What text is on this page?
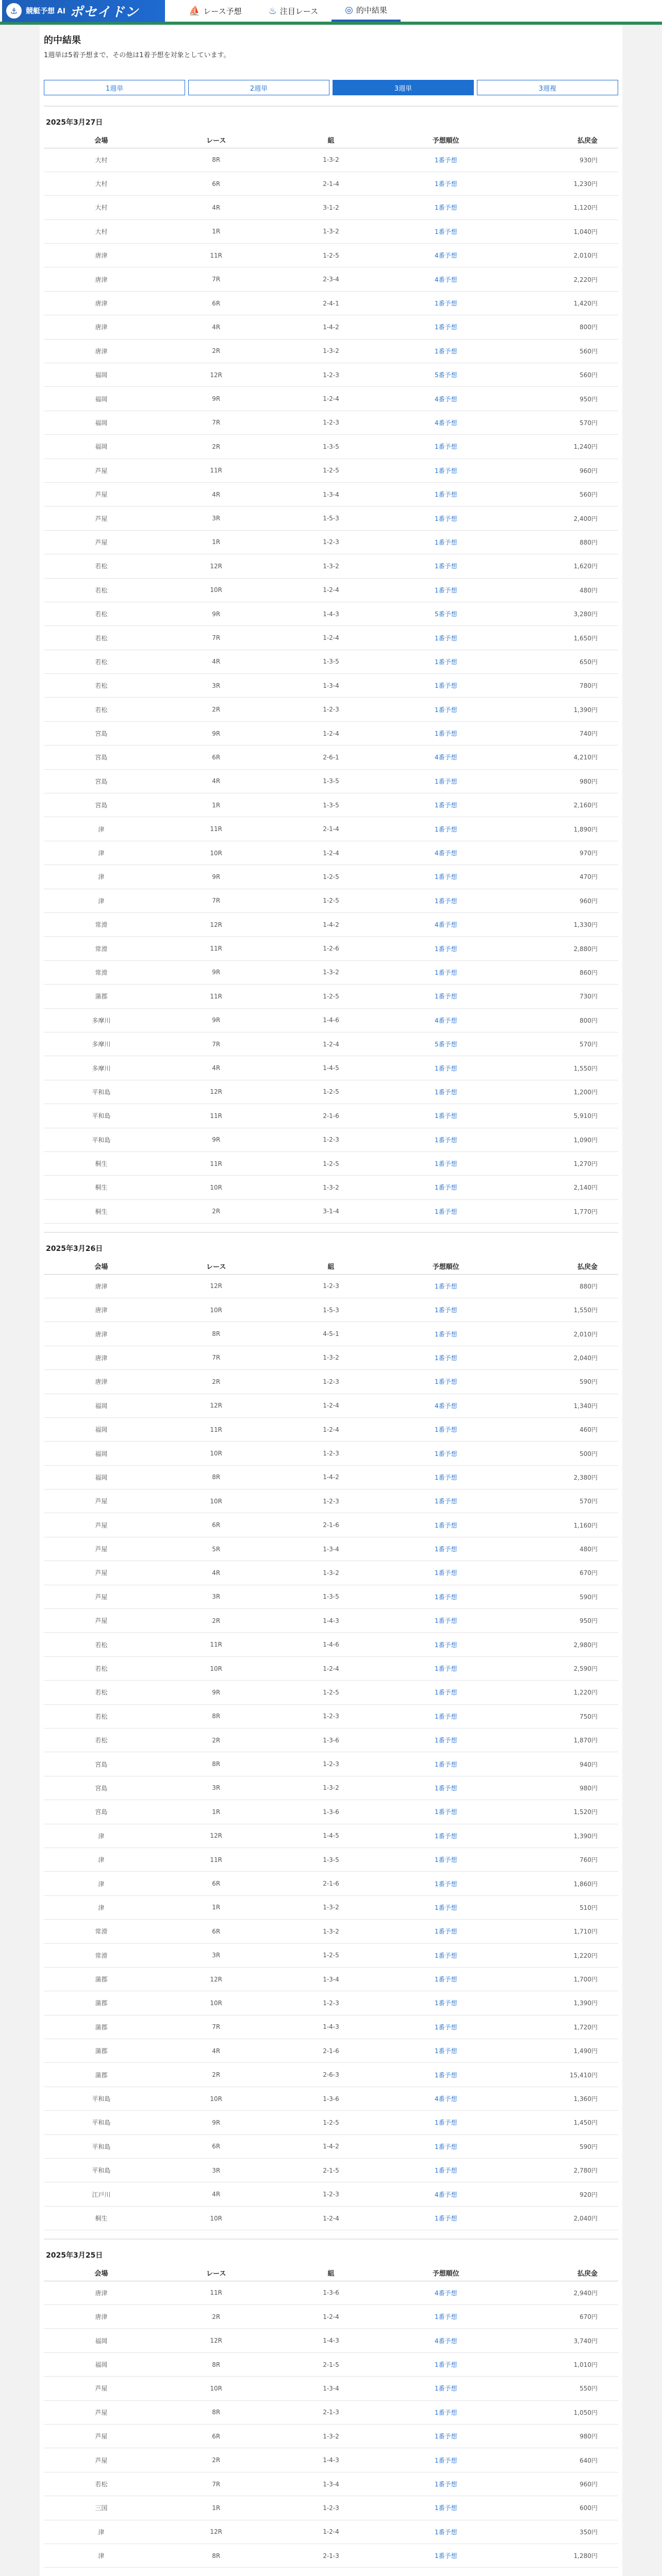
⚓	競艇予想 AI ポセイドン	⛵ レース予想	♨ 注目レース	◎ 的中結果
的中結果

1週単は5着予想まで、その他は1着予想を対象としています。

1週単	2週単	3週単	3週複
2025年3月27日
会場	レース	組	予想順位	払戻金
大村	8R	1-3-2	1番予想	930円
大村	6R	2-1-4	1番予想	1,230円
大村	4R	3-1-2	1番予想	1,120円
大村	1R	1-3-2	1番予想	1,040円
唐津	11R	1-2-5	4番予想	2,010円
唐津	7R	2-3-4	4番予想	2,220円
唐津	6R	2-4-1	1番予想	1,420円
唐津	4R	1-4-2	1番予想	800円
唐津	2R	1-3-2	1番予想	560円
福岡	12R	1-2-3	5番予想	560円
福岡	9R	1-2-4	4番予想	950円
福岡	7R	1-2-3	4番予想	570円
福岡	2R	1-3-5	1番予想	1,240円
芦屋	11R	1-2-5	1番予想	960円
芦屋	4R	1-3-4	1番予想	560円
芦屋	3R	1-5-3	1番予想	2,400円
芦屋	1R	1-2-3	1番予想	880円
若松	12R	1-3-2	1番予想	1,620円
若松	10R	1-2-4	1番予想	480円
若松	9R	1-4-3	5番予想	3,280円
若松	7R	1-2-4	1番予想	1,650円
若松	4R	1-3-5	1番予想	650円
若松	3R	1-3-4	1番予想	780円
若松	2R	1-2-3	1番予想	1,390円
宮島	9R	1-2-4	1番予想	740円
宮島	6R	2-6-1	4番予想	4,210円
宮島	4R	1-3-5	1番予想	980円
宮島	1R	1-3-5	1番予想	2,160円
津	11R	2-1-4	1番予想	1,890円
津	10R	1-2-4	4番予想	970円
津	9R	1-2-5	1番予想	470円
津	7R	1-2-5	1番予想	960円
常滑	12R	1-4-2	4番予想	1,330円
常滑	11R	1-2-6	1番予想	2,880円
常滑	9R	1-3-2	1番予想	860円
蒲郡	11R	1-2-5	1番予想	730円
多摩川	9R	1-4-6	4番予想	800円
多摩川	7R	1-2-4	5番予想	570円
多摩川	4R	1-4-5	1番予想	1,550円
平和島	12R	1-2-5	1番予想	1,200円
平和島	11R	2-1-6	1番予想	5,910円
平和島	9R	1-2-3	1番予想	1,090円
桐生	11R	1-2-5	1番予想	1,270円
桐生	10R	1-3-2	1番予想	2,140円
桐生	2R	3-1-4	1番予想	1,770円
2025年3月26日
会場	レース	組	予想順位	払戻金
唐津	12R	1-2-3	1番予想	880円
唐津	10R	1-5-3	1番予想	1,550円
唐津	8R	4-5-1	1番予想	2,010円
唐津	7R	1-3-2	1番予想	2,040円
唐津	2R	1-2-3	1番予想	590円
福岡	12R	1-2-4	4番予想	1,340円
福岡	11R	1-2-4	1番予想	460円
福岡	10R	1-2-3	1番予想	500円
福岡	8R	1-4-2	1番予想	2,380円
芦屋	10R	1-2-3	1番予想	570円
芦屋	6R	2-1-6	1番予想	1,160円
芦屋	5R	1-3-4	1番予想	480円
芦屋	4R	1-3-2	1番予想	670円
芦屋	3R	1-3-5	1番予想	590円
芦屋	2R	1-4-3	1番予想	950円
若松	11R	1-4-6	1番予想	2,980円
若松	10R	1-2-4	1番予想	2,590円
若松	9R	1-2-5	1番予想	1,220円
若松	8R	1-2-3	1番予想	750円
若松	2R	1-3-6	1番予想	1,870円
宮島	8R	1-2-3	1番予想	940円
宮島	3R	1-3-2	1番予想	980円
宮島	1R	1-3-6	1番予想	1,520円
津	12R	1-4-5	1番予想	1,390円
津	11R	1-3-5	1番予想	760円
津	6R	2-1-6	1番予想	1,860円
津	1R	1-3-2	1番予想	510円
常滑	6R	1-3-2	1番予想	1,710円
常滑	3R	1-2-5	1番予想	1,220円
蒲郡	12R	1-3-4	1番予想	1,700円
蒲郡	10R	1-2-3	1番予想	1,390円
蒲郡	7R	1-4-3	1番予想	1,720円
蒲郡	4R	2-1-6	1番予想	1,490円
蒲郡	2R	2-6-3	1番予想	15,410円
平和島	10R	1-3-6	4番予想	1,360円
平和島	9R	1-2-5	1番予想	1,450円
平和島	6R	1-4-2	1番予想	590円
平和島	3R	2-1-5	1番予想	2,780円
江戸川	4R	1-2-3	4番予想	920円
桐生	10R	1-2-4	1番予想	2,040円
2025年3月25日
会場	レース	組	予想順位	払戻金
唐津	11R	1-3-6	4番予想	2,940円
唐津	2R	1-2-4	1番予想	670円
福岡	12R	1-4-3	4番予想	3,740円
福岡	8R	2-1-5	1番予想	1,010円
芦屋	10R	1-3-4	1番予想	550円
芦屋	8R	2-1-3	1番予想	1,050円
芦屋	6R	1-3-2	1番予想	980円
芦屋	2R	1-4-3	1番予想	640円
若松	7R	1-3-4	1番予想	960円
三国	1R	1-2-3	1番予想	600円
津	12R	1-2-4	1番予想	350円
津	8R	2-1-3	1番予想	1,280円
